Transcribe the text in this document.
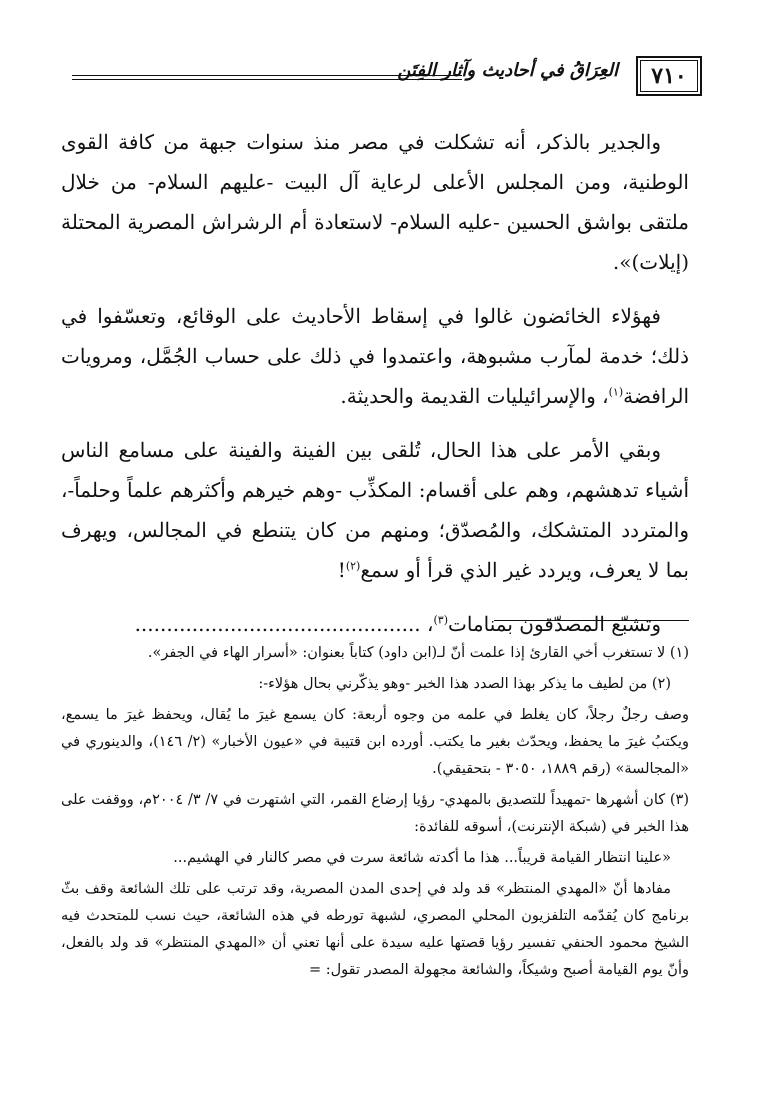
٧١٠
العِرَاقُ في أحاديث وآثار الفِتَن

والجدير بالذكر، أنه تشكلت في مصر منذ سنوات جبهة من كافة القوى الوطنية، ومن المجلس الأعلى لرعاية آل البيت -عليهم السلام- من خلال ملتقى بواشق الحسين -عليه السلام- لاستعادة أم الرشراش المصرية المحتلة (إيلات)».

فهؤلاء الخائضون غالوا في إسقاط الأحاديث على الوقائع، وتعسّفوا في ذلك؛ خدمة لمآرب مشبوهة، واعتمدوا في ذلك على حساب الجُمَّل، ومرويات الرافضة$^{(١)}$، والإسرائيليات القديمة والحديثة.

وبقي الأمر على هذا الحال، تُلقى بين الفينة والفينة على مسامع الناس أشياء تدهشهم، وهم على أقسام: المكذِّب -وهم خيرهم وأكثرهم علماً وحلماً-، والمتردد المتشكك، والمُصدّق؛ ومنهم من كان يتنطع في المجالس، ويهرف بما لا يعرف، ويردد غير الذي قرأ أو سمع$^{(٢)}$!

وتشبّع المصدّقون بمنامات$^{(٣)}$، .............................................

(١) لا تستغرب أخي القارئ إذا علمت أنّ لـ(ابن داود) كتاباً بعنوان: «أسرار الهاء في الجفر».

(٢) من لطيف ما يذكر بهذا الصدد هذا الخبر -وهو يذكّرني بحال هؤلاء-:

وصف رجلٌ رجلاً، كان يغلط في علمه من وجوه أربعة: كان يسمع غيرَ ما يُقال، ويحفظ غيرَ ما يسمع، ويكتبُ غيرَ ما يحفظ، ويحدّث بغير ما يكتب. أورده ابن قتيبة في «عيون الأخبار» (٢/ ١٤٦)، والدينوري في «المجالسة» (رقم ١٨٨٩، ٣٠٥٠ - بتحقيقي).

(٣) كان أشهرها -تمهيداً للتصديق بالمهدي- رؤيا إرضاع القمر، التي اشتهرت في ٧/ ٣/ ٢٠٠٤م، ووقفت على هذا الخبر في (شبكة الإنترنت)، أسوقه للفائدة:

«علينا انتظار القيامة قريباً... هذا ما أكدته شائعة سرت في مصر كالنار في الهشيم...

مفادها أنّ «المهدي المنتظر» قد ولد في إحدى المدن المصرية، وقد ترتب على تلك الشائعة وقف بثّ برنامج كان يُقدّمه التلفزيون المحلي المصري، لشبهة تورطه في هذه الشائعة، حيث نسب للمتحدث فيه الشيخ محمود الحنفي تفسير رؤيا قصتها عليه سيدة على أنها تعني أن «المهدي المنتظر» قد ولد بالفعل، وأنّ يوم القيامة أصبح وشيكاً، والشائعة مجهولة المصدر تقول: =
